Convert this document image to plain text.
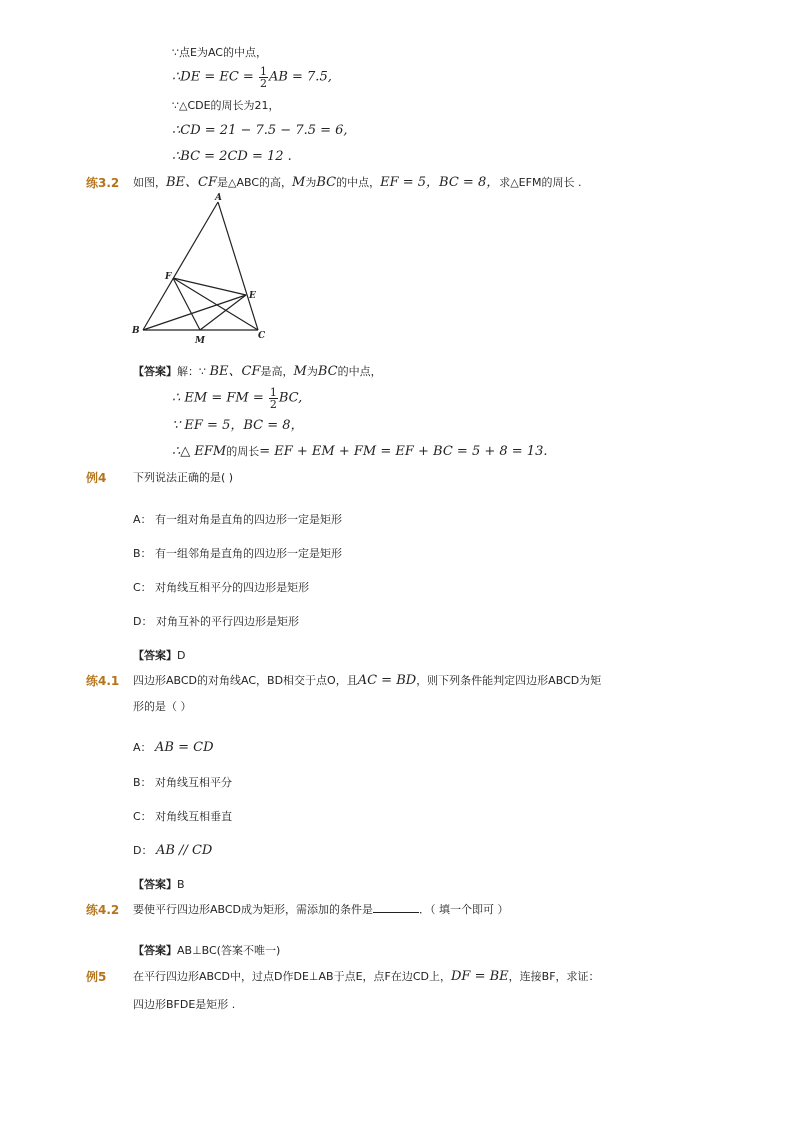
∵点E为AC的中点，
∴DE = EC = $\frac{1}{2}$ AB = 7.5,
∵△CDE的周长为21，
∴CD = 21 − 7.5 − 7.5 = 6,
∴BC = 2CD = 12 .
练3.2 如图，BE、CF是△ABC的高，M为BC的中点，EF = 5，BC = 8，求△EFM的周长 .
A
B	C
E
F
M
【答案】解：∵ BE、CF是高，M为BC的中点，
∴ EM = FM = $\frac{1}{2}$ BC,
∵ EF = 5，BC = 8，
∴△ EFM的周长= EF + EM + FM = EF + BC = 5 + 8 = 13.
例4 下列说法正确的是( )
A： 有一组对角是直角的四边形一定是矩形
B： 有一组邻角是直角的四边形一定是矩形
C： 对角线互相平分的四边形是矩形
D： 对角互补的平行四边形是矩形
【答案】D
练4.1 四边形ABCD的对角线AC，BD相交于点O，且AC = BD，则下列条件能判定四边形ABCD为矩
形的是（ ）
A： AB = CD
B： 对角线互相平分
C： 对角线互相垂直
D： AB // CD
【答案】B
练4.2 要使平行四边形ABCD成为矩形，需添加的条件是	．（ 填一个即可 ）
【答案】AB⊥BC(答案不唯一)
例5 在平行四边形ABCD中，过点D作DE⊥AB于点E，点F在边CD上，DF = BE，连接BF，求证：
四边形BFDE是矩形 .
